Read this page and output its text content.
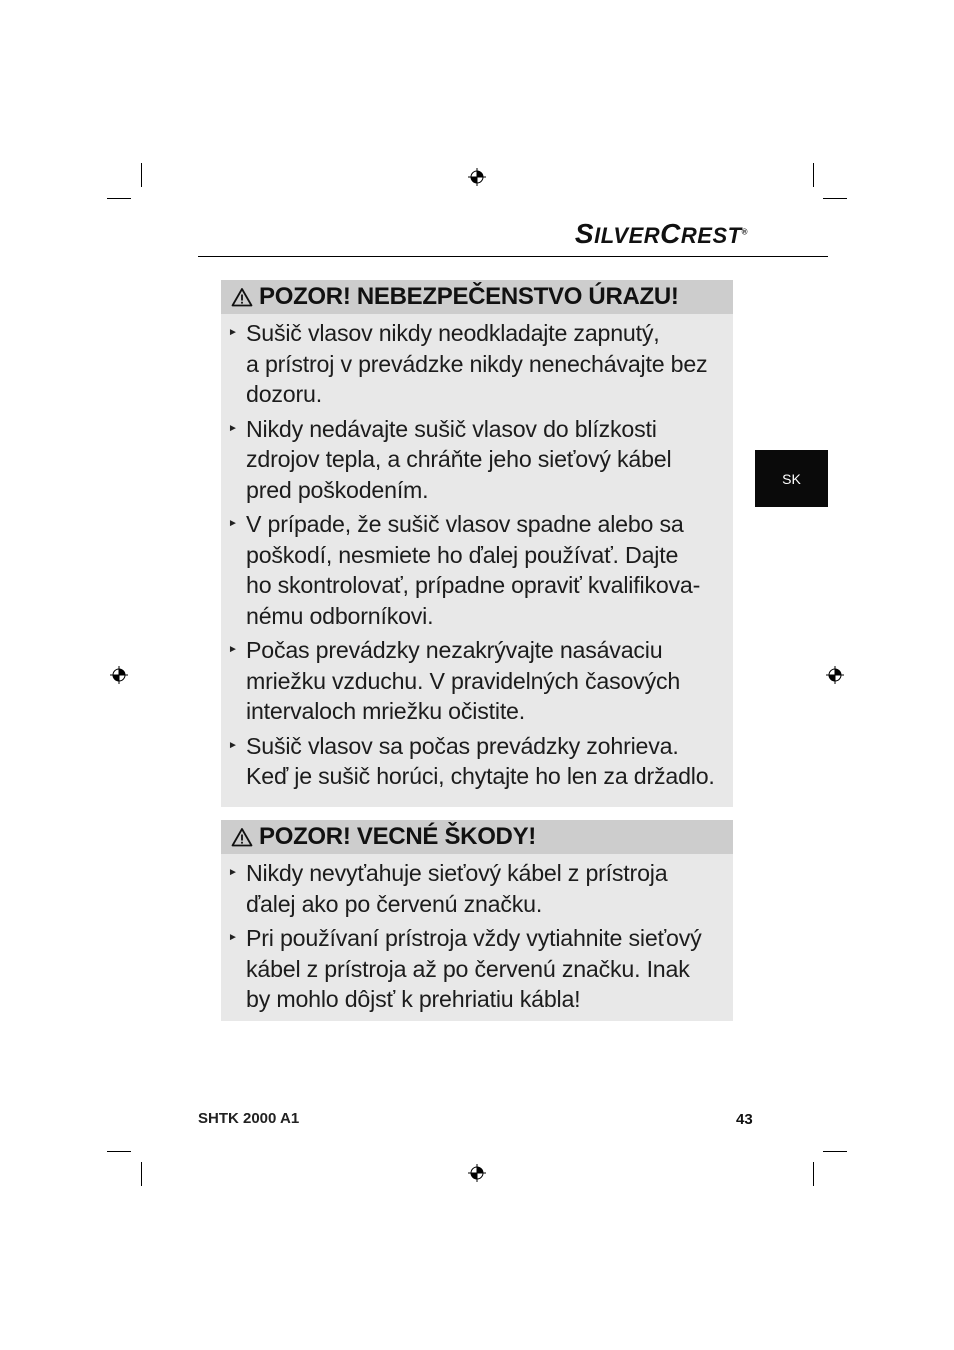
SILVERCREST®
SK
POZOR! NEBEZPEČENSTVO ÚRAZU!
► Sušič vlasov nikdy neodkladajte zapnutý,
a prístroj v prevádzke nikdy nenechávajte bez
dozoru.
► Nikdy nedávajte sušič vlasov do blízkosti
zdrojov tepla, a chráňte jeho sieťový kábel
pred poškodením.
► V prípade, že sušič vlasov spadne alebo sa
poškodí, nesmiete ho ďalej používať. Dajte
ho skontrolovať, prípadne opraviť kvalifikova-
nému odborníkovi.
► Počas prevádzky nezakrývajte nasávaciu
mriežku vzduchu. V pravidelných časových
intervaloch mriežku očistite.
► Sušič vlasov sa počas prevádzky zohrieva.
Keď je sušič horúci, chytajte ho len za držadlo.
POZOR! VECNÉ ŠKODY!
► Nikdy nevyťahuje sieťový kábel z prístroja
ďalej ako po červenú značku.
► Pri používaní prístroja vždy vytiahnite sieťový
kábel z prístroja až po červenú značku. Inak
by mohlo dôjsť k prehriatiu kábla!
SHTK 2000 A1	43
